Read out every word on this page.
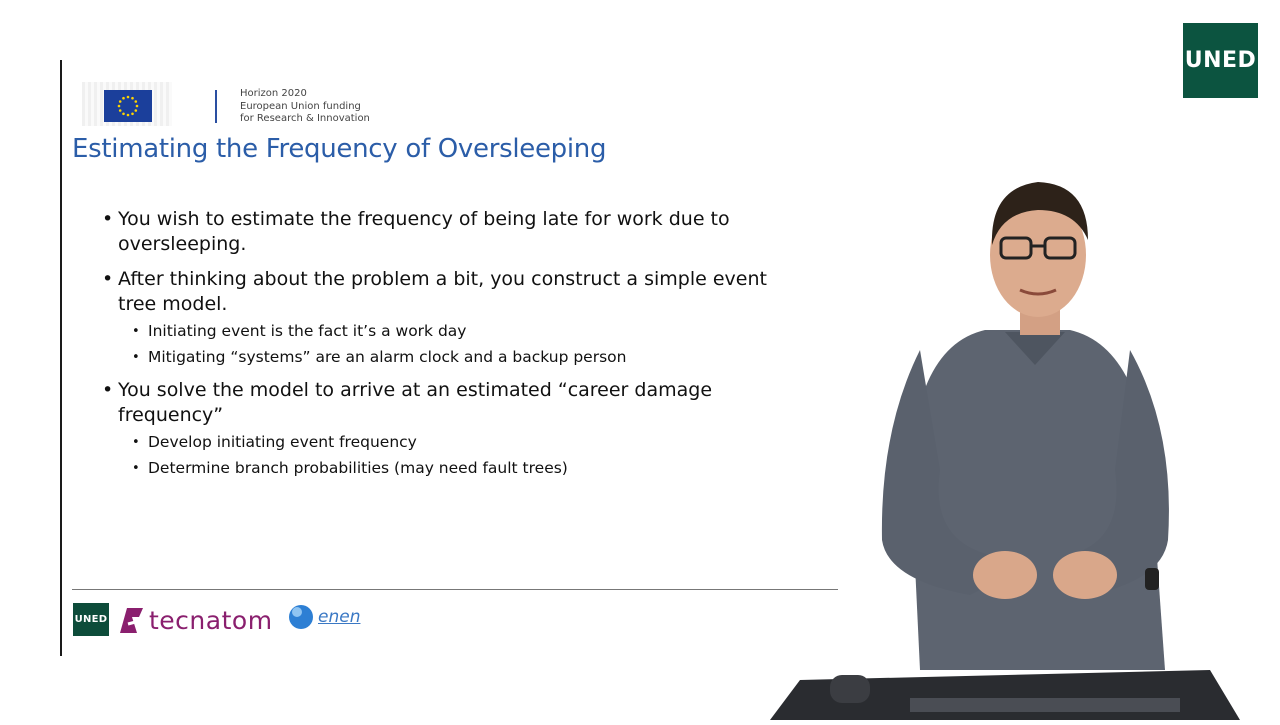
Horizon 2020
European Union funding
for Research & Innovation
Estimating the Frequency of Oversleeping
• You wish to estimate the frequency of being late for work due to oversleeping.
• After thinking about the problem a bit, you construct a simple event tree model.
• Initiating event is the fact it’s a work day
• Mitigating “systems” are an alarm clock and a backup person
• You solve the model to arrive at an estimated “career damage frequency”
• Develop initiating event frequency
• Determine branch probabilities (may need fault trees)
UNED tecnatom	enen
UNED
